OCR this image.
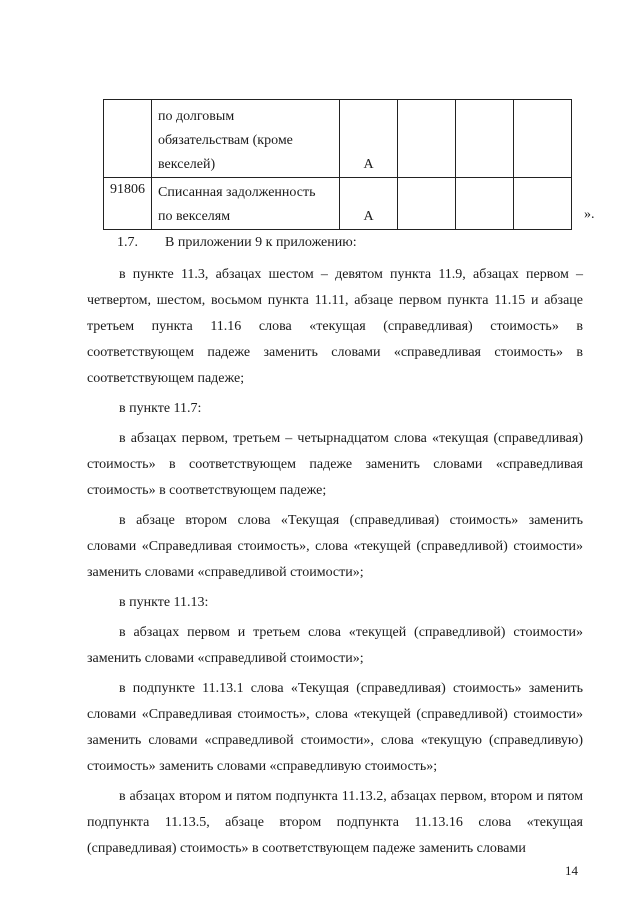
	по долговым
обязательствам (кроме
векселей)	А			
91806	Списанная задолженность
по векселям	А				».

1.7. В приложении 9 к приложению:

в пункте 11.3, абзацах шестом – девятом пункта 11.9, абзацах первом – четвертом, шестом, восьмом пункта 11.11, абзаце первом пункта 11.15 и абзаце третьем пункта 11.16 слова «текущая (справедливая) стоимость» в соответствующем падеже заменить словами «справедливая стоимость» в соответствующем падеже;

в пункте 11.7:

в абзацах первом, третьем – четырнадцатом слова «текущая (справедливая) стоимость» в соответствующем падеже заменить словами «справедливая стоимость» в соответствующем падеже;

в абзаце втором слова «Текущая (справедливая) стоимость» заменить словами «Справедливая стоимость», слова «текущей (справедливой) стоимости» заменить словами «справедливой стоимости»;

в пункте 11.13:

в абзацах первом и третьем слова «текущей (справедливой) стоимости» заменить словами «справедливой стоимости»;

в подпункте 11.13.1 слова «Текущая (справедливая) стоимость» заменить словами «Справедливая стоимость», слова «текущей (справедливой) стоимости» заменить словами «справедливой стоимости», слова «текущую (справедливую) стоимость» заменить словами «справедливую стоимость»;

в абзацах втором и пятом подпункта 11.13.2, абзацах первом, втором и пятом подпункта 11.13.5, абзаце втором подпункта 11.13.16 слова «текущая (справедливая) стоимость» в соответствующем падеже заменить словами

14
